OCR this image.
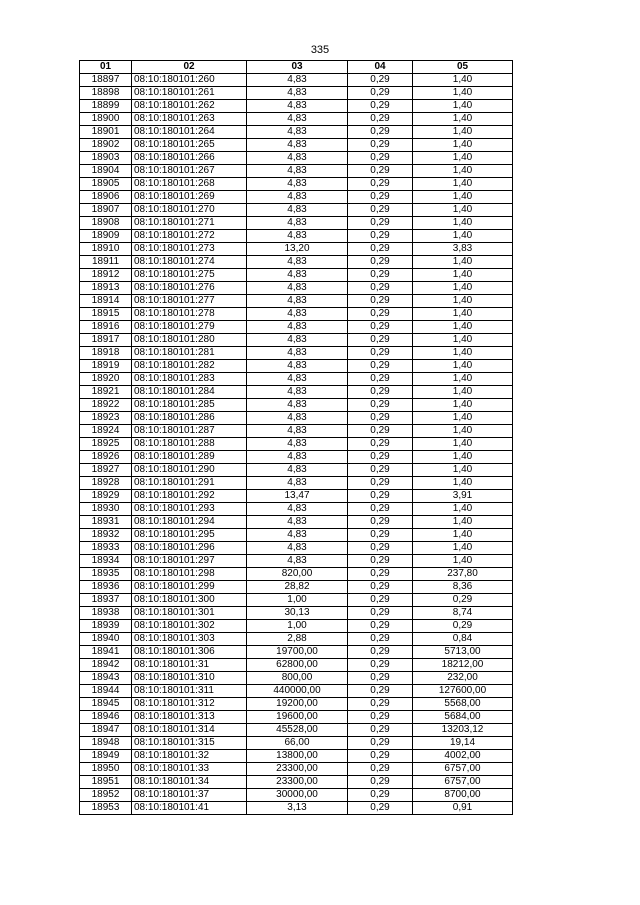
335
01	02	03	04	05
18897	08:10:180101:260	4,83	0,29	1,40
18898	08:10:180101:261	4,83	0,29	1,40
18899	08:10:180101:262	4,83	0,29	1,40
18900	08:10:180101:263	4,83	0,29	1,40
18901	08:10:180101:264	4,83	0,29	1,40
18902	08:10:180101:265	4,83	0,29	1,40
18903	08:10:180101:266	4,83	0,29	1,40
18904	08:10:180101:267	4,83	0,29	1,40
18905	08:10:180101:268	4,83	0,29	1,40
18906	08:10:180101:269	4,83	0,29	1,40
18907	08:10:180101:270	4,83	0,29	1,40
18908	08:10:180101:271	4,83	0,29	1,40
18909	08:10:180101:272	4,83	0,29	1,40
18910	08:10:180101:273	13,20	0,29	3,83
18911	08:10:180101:274	4,83	0,29	1,40
18912	08:10:180101:275	4,83	0,29	1,40
18913	08:10:180101:276	4,83	0,29	1,40
18914	08:10:180101:277	4,83	0,29	1,40
18915	08:10:180101:278	4,83	0,29	1,40
18916	08:10:180101:279	4,83	0,29	1,40
18917	08:10:180101:280	4,83	0,29	1,40
18918	08:10:180101:281	4,83	0,29	1,40
18919	08:10:180101:282	4,83	0,29	1,40
18920	08:10:180101:283	4,83	0,29	1,40
18921	08:10:180101:284	4,83	0,29	1,40
18922	08:10:180101:285	4,83	0,29	1,40
18923	08:10:180101:286	4,83	0,29	1,40
18924	08:10:180101:287	4,83	0,29	1,40
18925	08:10:180101:288	4,83	0,29	1,40
18926	08:10:180101:289	4,83	0,29	1,40
18927	08:10:180101:290	4,83	0,29	1,40
18928	08:10:180101:291	4,83	0,29	1,40
18929	08:10:180101:292	13,47	0,29	3,91
18930	08:10:180101:293	4,83	0,29	1,40
18931	08:10:180101:294	4,83	0,29	1,40
18932	08:10:180101:295	4,83	0,29	1,40
18933	08:10:180101:296	4,83	0,29	1,40
18934	08:10:180101:297	4,83	0,29	1,40
18935	08:10:180101:298	820,00	0,29	237,80
18936	08:10:180101:299	28,82	0,29	8,36
18937	08:10:180101:300	1,00	0,29	0,29
18938	08:10:180101:301	30,13	0,29	8,74
18939	08:10:180101:302	1,00	0,29	0,29
18940	08:10:180101:303	2,88	0,29	0,84
18941	08:10:180101:306	19700,00	0,29	5713,00
18942	08:10:180101:31	62800,00	0,29	18212,00
18943	08:10:180101:310	800,00	0,29	232,00
18944	08:10:180101:311	440000,00	0,29	127600,00
18945	08:10:180101:312	19200,00	0,29	5568,00
18946	08:10:180101:313	19600,00	0,29	5684,00
18947	08:10:180101:314	45528,00	0,29	13203,12
18948	08:10:180101:315	66,00	0,29	19,14
18949	08:10:180101:32	13800,00	0,29	4002,00
18950	08:10:180101:33	23300,00	0,29	6757,00
18951	08:10:180101:34	23300,00	0,29	6757,00
18952	08:10:180101:37	30000,00	0,29	8700,00
18953	08:10:180101:41	3,13	0,29	0,91
